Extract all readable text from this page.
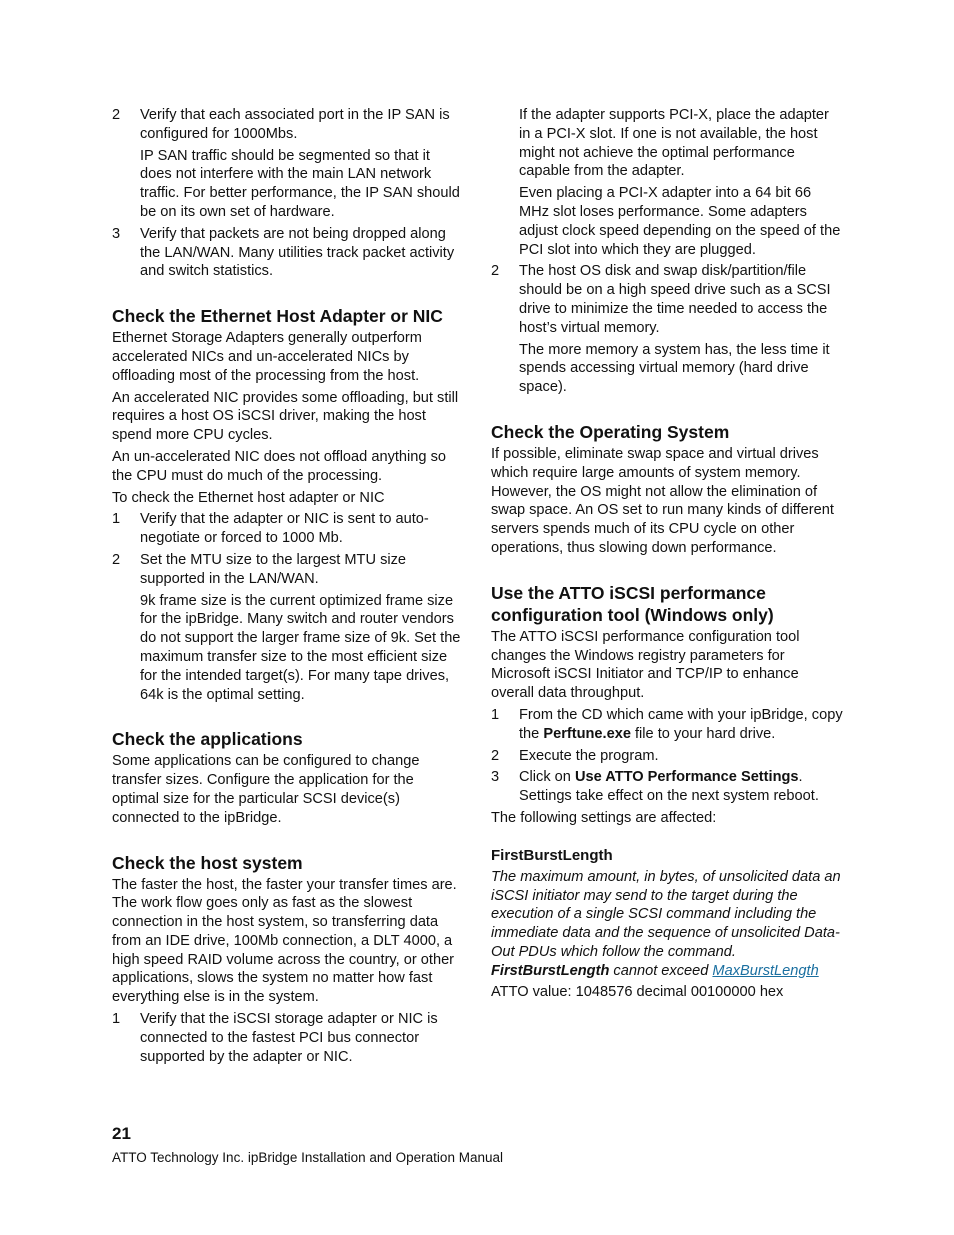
2	Verify that each associated port in the IP SAN is configured for 1000Mbs.

IP SAN traffic should be segmented so that it does not interfere with the main LAN network traffic. For better performance, the IP SAN should be on its own set of hardware.

3	Verify that packets are not being dropped along the LAN/WAN. Many utilities track packet activity and switch statistics.
Check the Ethernet Host Adapter or NIC

Ethernet Storage Adapters generally outperform accelerated NICs and un-accelerated NICs by offloading most of the processing from the host.

An accelerated NIC provides some offloading, but still requires a host OS iSCSI driver, making the host spend more CPU cycles.

An un-accelerated NIC does not offload anything so the CPU must do much of the processing.

To check the Ethernet host adapter or NIC

1	Verify that the adapter or NIC is sent to auto-negotiate or forced to 1000 Mb.
2	Set the MTU size to the largest MTU size supported in the LAN/WAN.

9k frame size is the current optimized frame size for the ipBridge. Many switch and router vendors do not support the larger frame size of 9k. Set the maximum transfer size to the most efficient size for the intended target(s). For many tape drives, 64k is the optimal setting.

Check the applications

Some applications can be configured to change transfer sizes. Configure the application for the optimal size for the particular SCSI device(s) connected to the ipBridge.

Check the host system

The faster the host, the faster your transfer times are. The work flow goes only as fast as the slowest connection in the host system, so transferring data from an IDE drive, 100Mb connection, a DLT 4000, a high speed RAID volume across the country, or other applications, slows the system no matter how fast everything else is in the system.

1	Verify that the iSCSI storage adapter or NIC is connected to the fastest PCI bus connector supported by the adapter or NIC.

If the adapter supports PCI-X, place the adapter in a PCI-X slot. If one is not available, the host might not achieve the optimal performance capable from the adapter.

Even placing a PCI-X adapter into a 64 bit 66 MHz slot loses performance. Some adapters adjust clock speed depending on the speed of the PCI slot into which they are plugged.

2	The host OS disk and swap disk/partition/file should be on a high speed drive such as a SCSI drive to minimize the time needed to access the host’s virtual memory.

The more memory a system has, the less time it spends accessing virtual memory (hard drive space).

Check the Operating System

If possible, eliminate swap space and virtual drives which require large amounts of system memory. However, the OS might not allow the elimination of swap space. An OS set to run many kinds of different servers spends much of its CPU cycle on other operations, thus slowing down performance.

Use the ATTO iSCSI performance configuration tool (Windows only)

The ATTO iSCSI performance configuration tool changes the Windows registry parameters for Microsoft iSCSI Initiator and TCP/IP to enhance overall data throughput.

1	From the CD which came with your ipBridge, copy the Perftune.exe file to your hard drive.
2	Execute the program.
3	Click on Use ATTO Performance Settings. Settings take effect on the next system reboot.

The following settings are affected:

FirstBurstLength

The maximum amount, in bytes, of unsolicited data an iSCSI initiator may send to the target during the execution of a single SCSI command including the immediate data and the sequence of unsolicited Data-Out PDUs which follow the command. FirstBurstLength cannot exceed MaxBurstLength

ATTO value: 1048576 decimal 00100000 hex

21
ATTO Technology Inc. ipBridge Installation and Operation Manual
